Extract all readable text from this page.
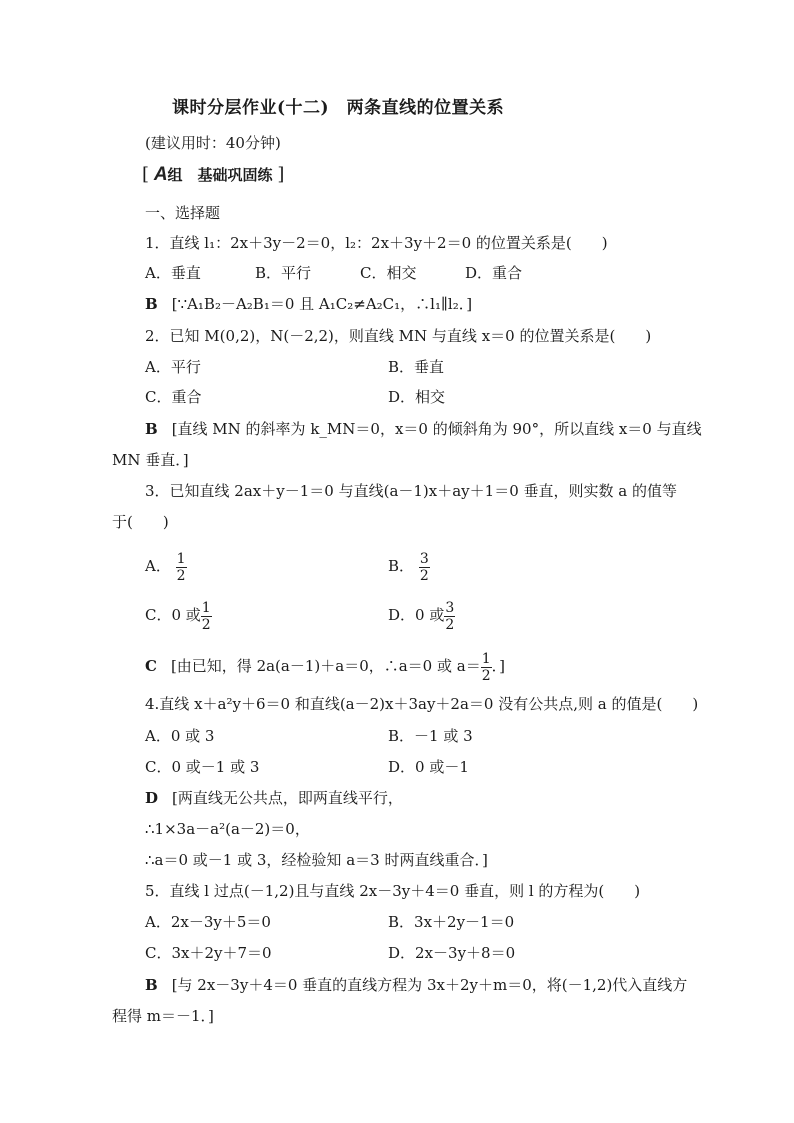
课时分层作业(十二)　两条直线的位置关系
(建议用时：40分钟)
[ A组　基础巩固练 ]
一、选择题
1．直线 l₁：2x＋3y－2＝0，l₂：2x＋3y＋2＝0 的位置关系是(　　)
A．垂直	B．平行	C．相交	D．重合
B [∵A₁B₂－A₂B₁＝0 且 A₁C₂≠A₂C₁，∴l₁∥l₂．]
2．已知 M(0,2)，N(－2,2)，则直线 MN 与直线 x＝0 的位置关系是(　　)
A．平行	B．垂直
C．重合	D．相交
B [直线 MN 的斜率为 k_MN＝0，x＝0 的倾斜角为 90°，所以直线 x＝0 与直线
MN 垂直．]
3．已知直线 2ax＋y－1＝0 与直线(a－1)x＋ay＋1＝0 垂直，则实数 a 的值等
于(　　)
A． $\frac{1}{2}$	B． $\frac{3}{2}$
C．0 或 $\frac{1}{2}$	D．0 或 $\frac{3}{2}$
C [由已知，得 2a(a－1)＋a＝0，∴a＝0 或 $a= \frac{1}{2}$ ．]
4.直线 x＋a²y＋6＝0 和直线(a－2)x＋3ay＋2a＝0 没有公共点,则 a 的值是(　　)
A．0 或 3	B．－1 或 3
C．0 或－1 或 3	D．0 或－1
D [两直线无公共点，即两直线平行，
∴1×3a－a²(a－2)＝0，
∴a＝0 或－1 或 3，经检验知 a＝3 时两直线重合．]
5．直线 l 过点(－1,2)且与直线 2x－3y＋4＝0 垂直，则 l 的方程为(　　)
A．2x－3y＋5＝0	B．3x＋2y－1＝0
C．3x＋2y＋7＝0	D．2x－3y＋8＝0
B [与 2x－3y＋4＝0 垂直的直线方程为 3x＋2y＋m＝0，将(－1,2)代入直线方
程得 m＝－1．]
